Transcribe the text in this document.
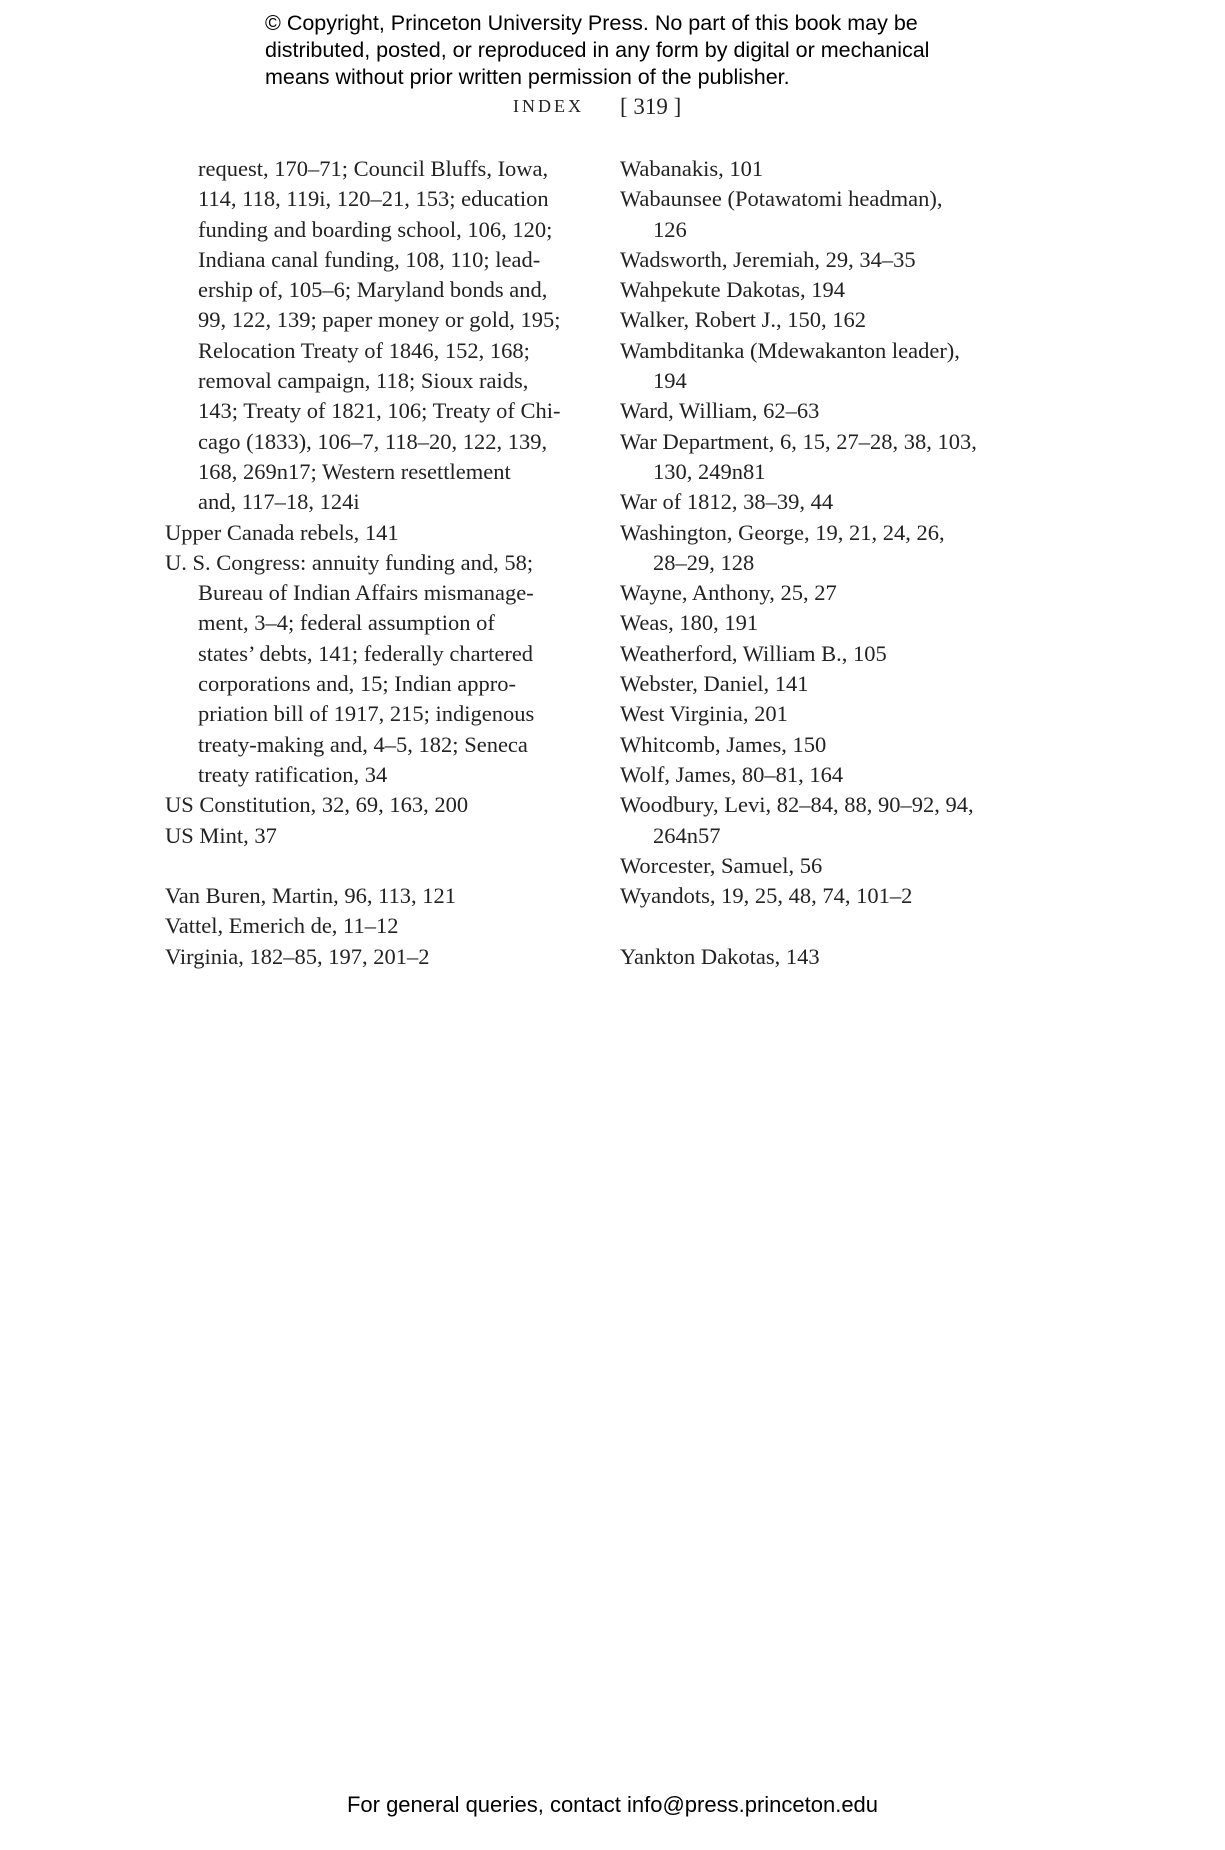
© Copyright, Princeton University Press. No part of this book may be
distributed, posted, or reproduced in any form by digital or mechanical
means without prior written permission of the publisher.
INDEX [ 319 ]
request, 170–71; Council Bluffs, Iowa,
114, 118, 119i, 120–21, 153; education
funding and boarding school, 106, 120;
Indiana canal funding, 108, 110; lead-
ership of, 105–6; Maryland bonds and,
99, 122, 139; paper money or gold, 195;
Relocation Treaty of 1846, 152, 168;
removal campaign, 118; Sioux raids,
143; Treaty of 1821, 106; Treaty of Chi-
cago (1833), 106–7, 118–20, 122, 139,
168, 269n17; Western resettlement
and, 117–18, 124i
Upper Canada rebels, 141
U. S. Congress: annuity funding and, 58;
Bureau of Indian Affairs mismanage-
ment, 3–4; federal assumption of
states’ debts, 141; federally chartered
corporations and, 15; Indian appro-
priation bill of 1917, 215; indigenous
treaty-making and, 4–5, 182; Seneca
treaty ratification, 34
US Constitution, 32, 69, 163, 200
US Mint, 37
Van Buren, Martin, 96, 113, 121
Vattel, Emerich de, 11–12
Virginia, 182–85, 197, 201–2
Wabanakis, 101
Wabaunsee (Potawatomi headman),
126
Wadsworth, Jeremiah, 29, 34–35
Wahpekute Dakotas, 194
Walker, Robert J., 150, 162
Wambditanka (Mdewakanton leader),
194
Ward, William, 62–63
War Department, 6, 15, 27–28, 38, 103,
130, 249n81
War of 1812, 38–39, 44
Washington, George, 19, 21, 24, 26,
28–29, 128
Wayne, Anthony, 25, 27
Weas, 180, 191
Weatherford, William B., 105
Webster, Daniel, 141
West Virginia, 201
Whitcomb, James, 150
Wolf, James, 80–81, 164
Woodbury, Levi, 82–84, 88, 90–92, 94,
264n57
Worcester, Samuel, 56
Wyandots, 19, 25, 48, 74, 101–2
Yankton Dakotas, 143
For general queries, contact info@press.princeton.edu
